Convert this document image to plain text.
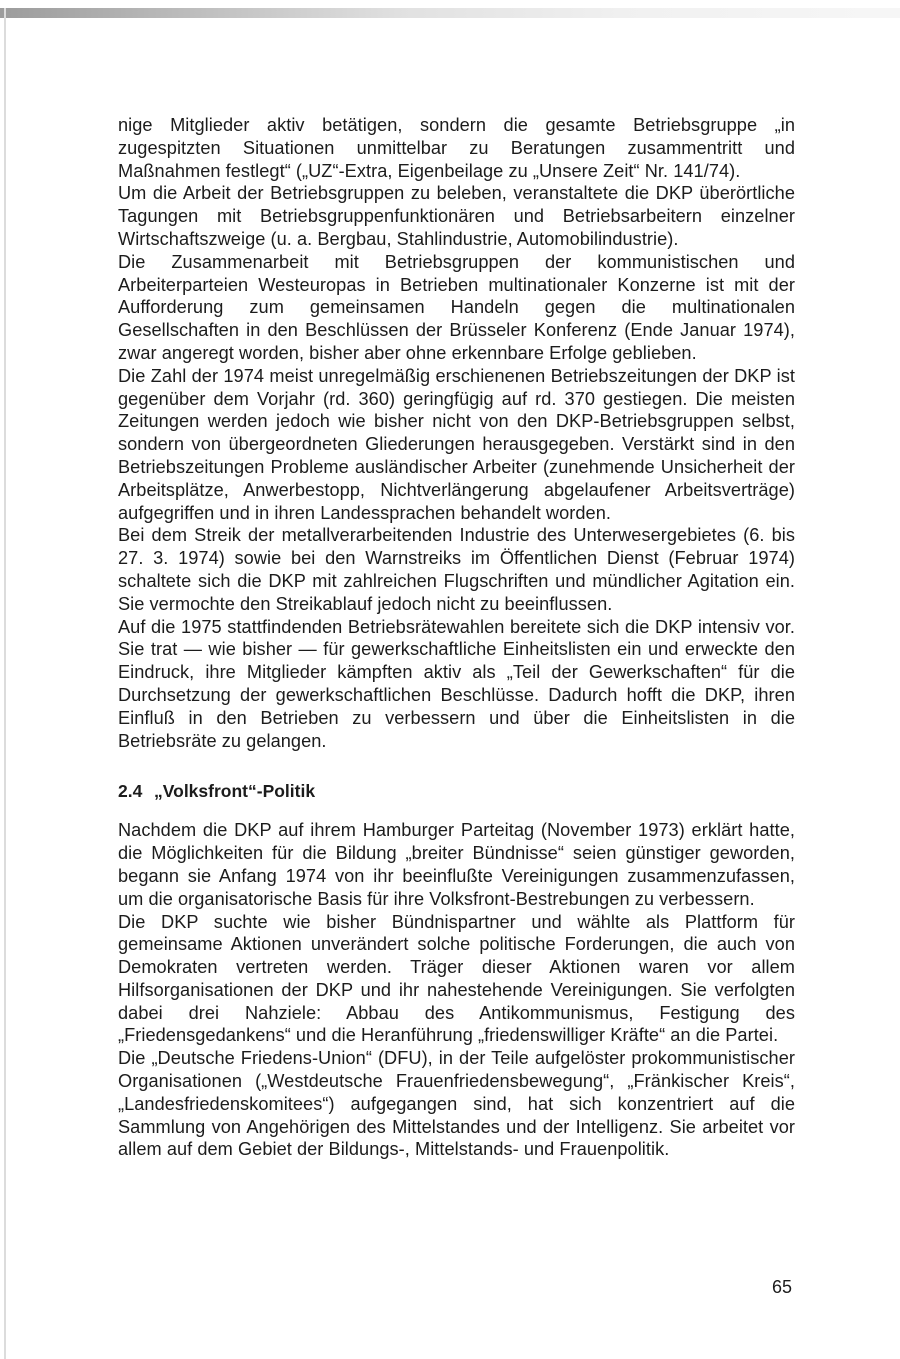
nige Mitglieder aktiv betätigen, sondern die gesamte Betriebsgruppe „in zugespitzten Situationen unmittelbar zu Beratungen zusammentritt und Maßnahmen festlegt“ („UZ“-Extra, Eigenbeilage zu „Unsere Zeit“ Nr. 141/74).

Um die Arbeit der Betriebsgruppen zu beleben, veranstaltete die DKP überörtliche Tagungen mit Betriebsgruppenfunktionären und Betriebsarbeitern einzelner Wirtschaftszweige (u. a. Bergbau, Stahlindustrie, Automobilindustrie).

Die Zusammenarbeit mit Betriebsgruppen der kommunistischen und Arbeiterparteien Westeuropas in Betrieben multinationaler Konzerne ist mit der Aufforderung zum gemeinsamen Handeln gegen die multinationalen Gesellschaften in den Beschlüssen der Brüsseler Konferenz (Ende Januar 1974), zwar angeregt worden, bisher aber ohne erkennbare Erfolge geblieben.

Die Zahl der 1974 meist unregelmäßig erschienenen Betriebszeitungen der DKP ist gegenüber dem Vorjahr (rd. 360) geringfügig auf rd. 370 gestiegen. Die meisten Zeitungen werden jedoch wie bisher nicht von den DKP-Betriebsgruppen selbst, sondern von übergeordneten Gliederungen herausgegeben. Verstärkt sind in den Betriebszeitungen Probleme ausländischer Arbeiter (zunehmende Unsicherheit der Arbeitsplätze, Anwerbestopp, Nichtverlängerung abgelaufener Arbeitsverträge) aufgegriffen und in ihren Landessprachen behandelt worden.

Bei dem Streik der metallverarbeitenden Industrie des Unterwesergebietes (6. bis 27. 3. 1974) sowie bei den Warnstreiks im Öffentlichen Dienst (Februar 1974) schaltete sich die DKP mit zahlreichen Flugschriften und mündlicher Agitation ein. Sie vermochte den Streikablauf jedoch nicht zu beeinflussen.

Auf die 1975 stattfindenden Betriebsrätewahlen bereitete sich die DKP intensiv vor. Sie trat — wie bisher — für gewerkschaftliche Einheitslisten ein und erweckte den Eindruck, ihre Mitglieder kämpften aktiv als „Teil der Gewerkschaften“ für die Durchsetzung der gewerkschaftlichen Beschlüsse. Dadurch hofft die DKP, ihren Einfluß in den Betrieben zu verbessern und über die Einheitslisten in die Betriebsräte zu gelangen.

2.4 „Volksfront“-Politik

Nachdem die DKP auf ihrem Hamburger Parteitag (November 1973) erklärt hatte, die Möglichkeiten für die Bildung „breiter Bündnisse“ seien günstiger geworden, begann sie Anfang 1974 von ihr beeinflußte Vereinigungen zusammenzufassen, um die organisatorische Basis für ihre Volksfront-Bestrebungen zu verbessern.

Die DKP suchte wie bisher Bündnispartner und wählte als Plattform für gemeinsame Aktionen unverändert solche politische Forderungen, die auch von Demokraten vertreten werden. Träger dieser Aktionen waren vor allem Hilfsorganisationen der DKP und ihr nahestehende Vereinigungen. Sie verfolgten dabei drei Nahziele: Abbau des Antikommunismus, Festigung des „Friedensgedankens“ und die Heranführung „friedenswilliger Kräfte“ an die Partei.

Die „Deutsche Friedens-Union“ (DFU), in der Teile aufgelöster prokommunistischer Organisationen („Westdeutsche Frauenfriedensbewegung“, „Fränkischer Kreis“, „Landesfriedenskomitees“) aufgegangen sind, hat sich konzentriert auf die Sammlung von Angehörigen des Mittelstandes und der Intelligenz. Sie arbeitet vor allem auf dem Gebiet der Bildungs-, Mittelstands- und Frauenpolitik.

65
